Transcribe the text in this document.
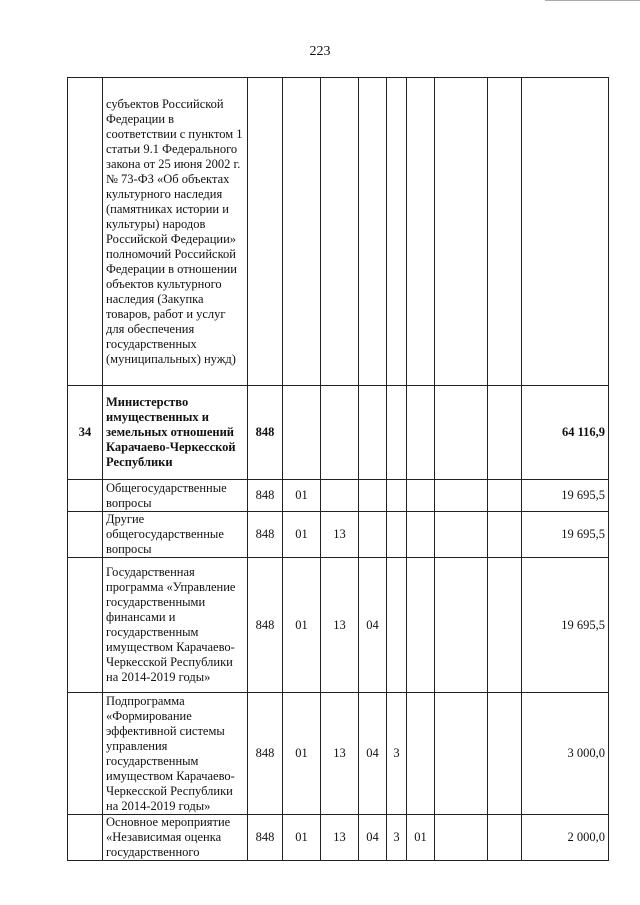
223
	субъектов Российской Федерации в соответствии с пунктом 1 статьи 9.1 Федерального закона от 25 июня 2002 г. № 73-ФЗ «Об объектах культурного наследия (памятниках истории и культуры) народов Российской Федерации» полномочий Российской Федерации в отношении объектов культурного наследия (Закупка товаров, работ и услуг для обеспечения государственных (муниципальных) нужд)									
34	Министерство имущественных и земельных отношений Карачаево-Черкесской Республики	848								64 116,9
	Общегосударственные вопросы	848	01							19 695,5
	Другие общегосударственные вопросы	848	01	13						19 695,5
	Государственная программа «Управление государственными финансами и государственным имуществом Карачаево-Черкесской Республики на 2014-2019 годы»	848	01	13	04					19 695,5
	Подпрограмма «Формирование эффективной системы управления государственным имуществом Карачаево-Черкесской Республики на 2014-2019 годы»	848	01	13	04	3				3 000,0
	Основное мероприятие «Независимая оценка государственного	848	01	13	04	3	01			2 000,0
